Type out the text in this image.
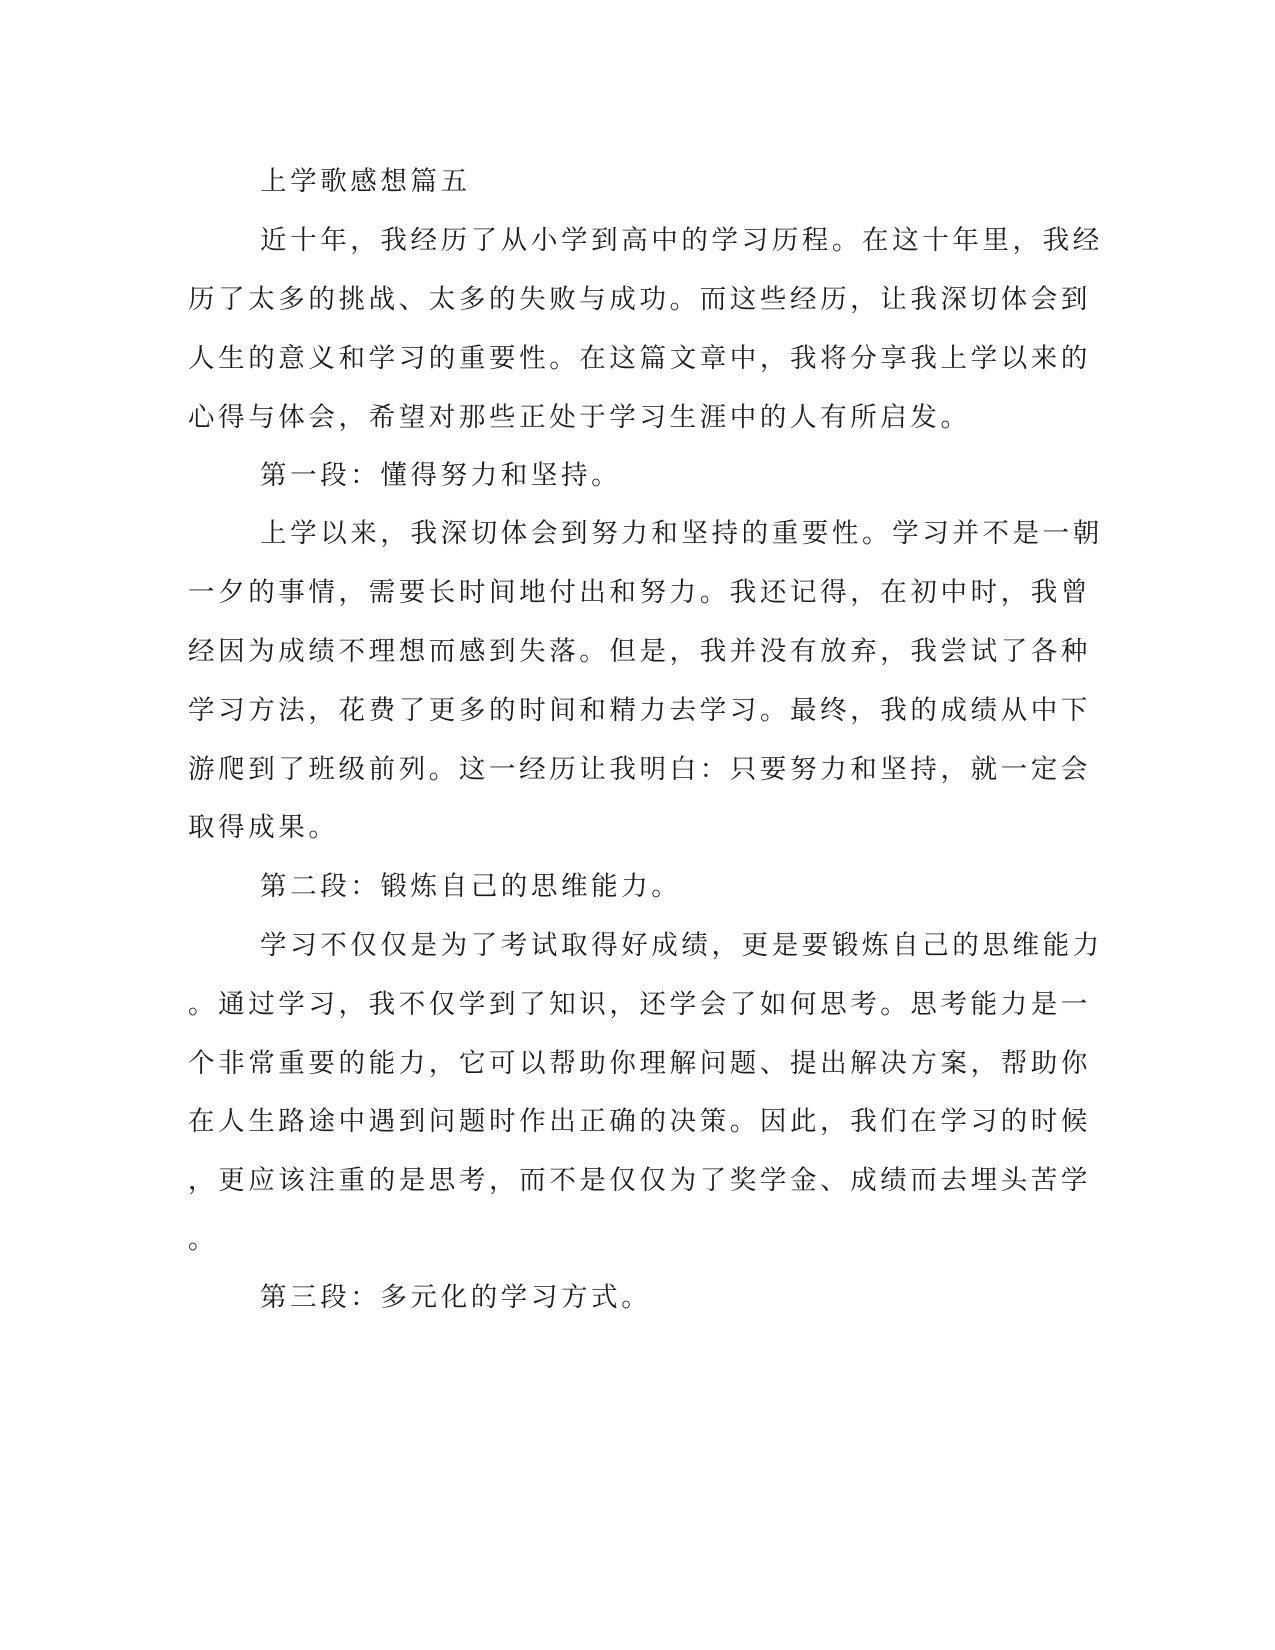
上学歌感想篇五

近十年，我经历了从小学到高中的学习历程。在这十年里，我经

历了太多的挑战、太多的失败与成功。而这些经历，让我深切体会到

人生的意义和学习的重要性。在这篇文章中，我将分享我上学以来的

心得与体会，希望对那些正处于学习生涯中的人有所启发。

第一段：懂得努力和坚持。

上学以来，我深切体会到努力和坚持的重要性。学习并不是一朝

一夕的事情，需要长时间地付出和努力。我还记得，在初中时，我曾

经因为成绩不理想而感到失落。但是，我并没有放弃，我尝试了各种

学习方法，花费了更多的时间和精力去学习。最终，我的成绩从中下

游爬到了班级前列。这一经历让我明白：只要努力和坚持，就一定会

取得成果。

第二段：锻炼自己的思维能力。

学习不仅仅是为了考试取得好成绩，更是要锻炼自己的思维能力

。通过学习，我不仅学到了知识，还学会了如何思考。思考能力是一

个非常重要的能力，它可以帮助你理解问题、提出解决方案，帮助你

在人生路途中遇到问题时作出正确的决策。因此，我们在学习的时候

，更应该注重的是思考，而不是仅仅为了奖学金、成绩而去埋头苦学

。

第三段：多元化的学习方式。
